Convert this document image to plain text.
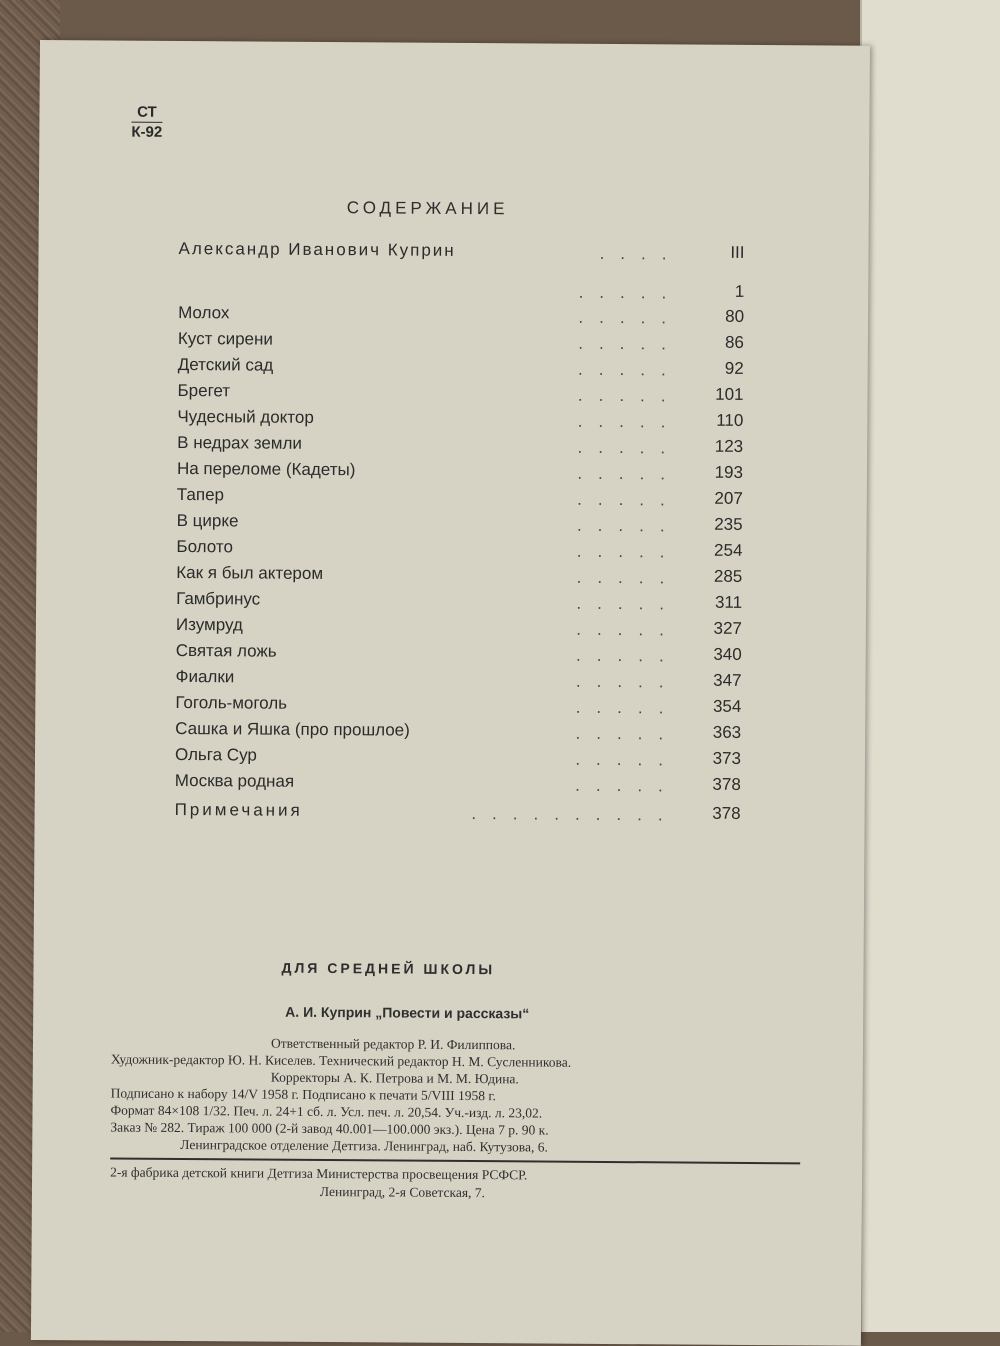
СТ
К-92
СОДЕРЖАНИЕ
Александр Иванович Куприн	....	III
.....	1
Молох	.....	80
Куст сирени	.....	86
Детский сад	.....	92
Брегет	..... 101
Чудесный доктор	..... 110
В недрах земли	..... 123
На переломе (Кадеты)	..... 193
Тапер	..... 207
В цирке	..... 235
Болото	..... 254
Как я был актером	..... 285
Гамбринус	..... 311
Изумруд	..... 327
Святая ложь	..... 340
Фиалки	..... 347
Гоголь-моголь	..... 354
Сашка и Яшка (про прошлое)	..... 363
Ольга Сур	..... 373
Москва родная	..... 378
Примечания	.......... 378
ДЛЯ СРЕДНЕЙ ШКОЛЫ
А. И. Куприн „Повести и рассказы“
Ответственный редактор Р. И. Филиппова.
Художник-редактор Ю. Н. Киселев. Технический редактор Н. М. Сусленникова.
Корректоры А. К. Петрова и М. М. Юдина.
Подписано к набору 14/V 1958 г. Подписано к печати 5/VIII 1958 г.
Формат 84×108 1/32. Печ. л. 24+1 сб. л. Усл. печ. л. 20,54. Уч.-изд. л. 23,02.
Заказ № 282. Тираж 100 000 (2-й завод 40.001—100.000 экз.). Цена 7 р. 90 к.
Ленинградское отделение Детгиза. Ленинград, наб. Кутузова, 6.
2-я фабрика детской книги Детгиза Министерства просвещения РСФСР.
Ленинград, 2-я Советская, 7.
